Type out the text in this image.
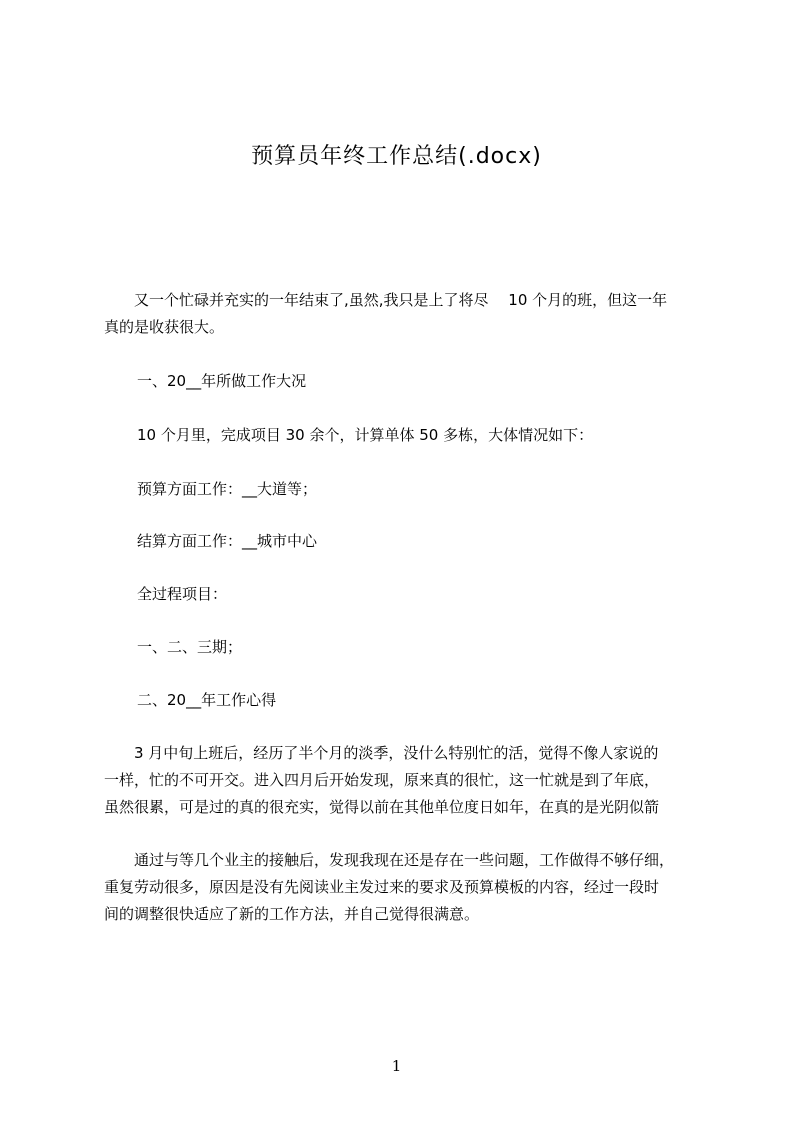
预算员年终工作总结(.docx)

　　又一个忙碌并充实的一年结束了,虽然,我只是上了将尽　 10 个月的班，但这一年
真的是收获很大。

一、20__年所做工作大况

10 个月里，完成项目 30 余个，计算单体 50 多栋，大体情况如下：

预算方面工作：__大道等；

结算方面工作：__城市中心

全过程项目：

一、二、三期；

二、20__年工作心得

　　3 月中旬上班后，经历了半个月的淡季，没什么特别忙的活，觉得不像人家说的
一样，忙的不可开交。进入四月后开始发现，原来真的很忙，这一忙就是到了年底，
虽然很累，可是过的真的很充实，觉得以前在其他单位度日如年，在真的是光阴似箭

　　通过与等几个业主的接触后，发现我现在还是存在一些问题，工作做得不够仔细，
重复劳动很多，原因是没有先阅读业主发过来的要求及预算模板的内容，经过一段时
间的调整很快适应了新的工作方法，并自己觉得很满意。

1
